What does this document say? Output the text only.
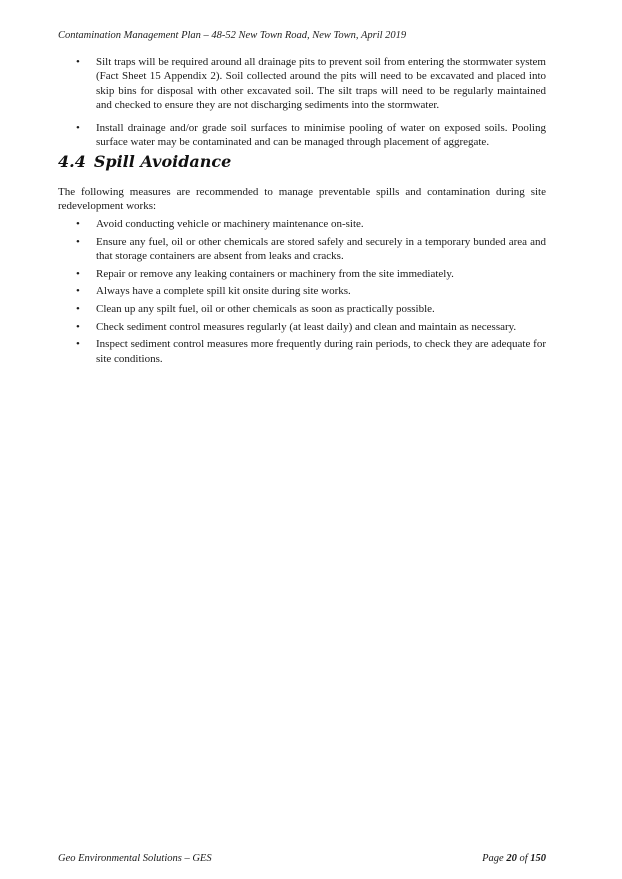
Contamination Management Plan – 48-52 New Town Road, New Town, April 2019
• Silt traps will be required around all drainage pits to prevent soil from entering the stormwater system (Fact Sheet 15 Appendix 2). Soil collected around the pits will need to be excavated and placed into skip bins for disposal with other excavated soil. The silt traps will need to be regularly maintained and checked to ensure they are not discharging sediments into the stormwater.
• Install drainage and/or grade soil surfaces to minimise pooling of water on exposed soils. Pooling surface water may be contaminated and can be managed through placement of aggregate.
4.4 Spill Avoidance

The following measures are recommended to manage preventable spills and contamination during site redevelopment works:

• Avoid conducting vehicle or machinery maintenance on-site.
• Ensure any fuel, oil or other chemicals are stored safely and securely in a temporary bunded area and that storage containers are absent from leaks and cracks.
• Repair or remove any leaking containers or machinery from the site immediately.
• Always have a complete spill kit onsite during site works.
• Clean up any spilt fuel, oil or other chemicals as soon as practically possible.
• Check sediment control measures regularly (at least daily) and clean and maintain as necessary.
• Inspect sediment control measures more frequently during rain periods, to check they are adequate for site conditions.
Geo Environmental Solutions – GES	Page 20 of 150
